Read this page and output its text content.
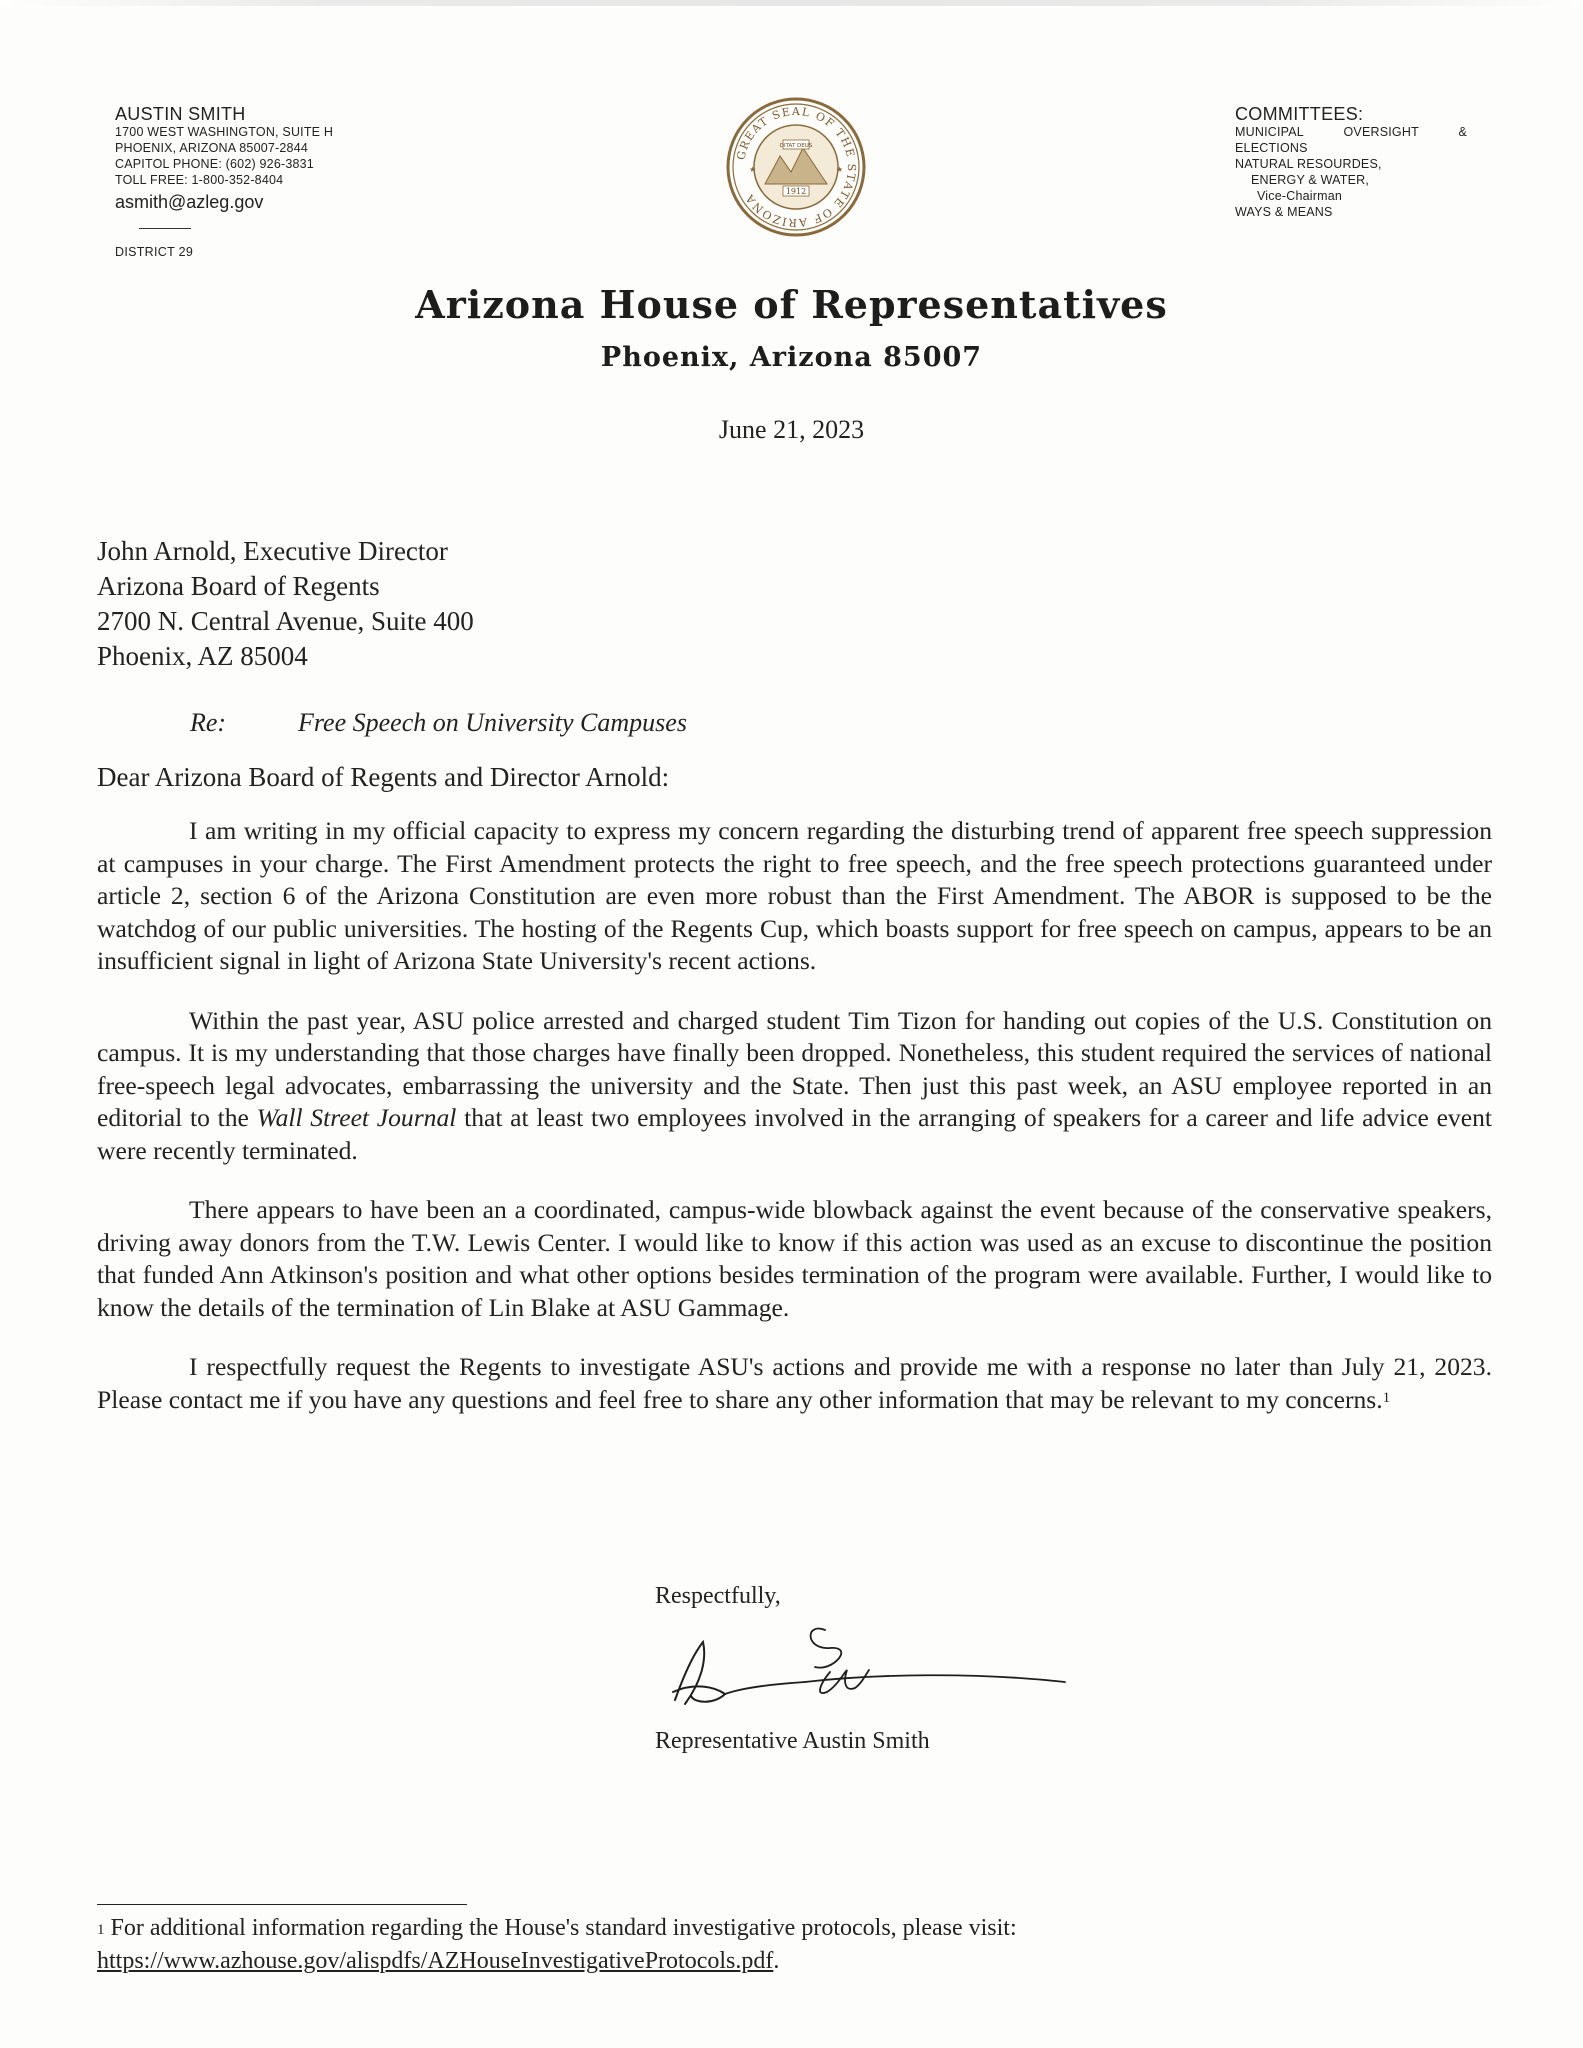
AUSTIN SMITH
1700 WEST WASHINGTON, SUITE H
PHOENIX, ARIZONA 85007-2844
CAPITOL PHONE: (602) 926-3831
TOLL FREE: 1-800-352-8404
asmith@azleg.gov
DISTRICT 29
GREAT SEAL OF THE STATE OF ARIZONA
DITAT DEUS
1912
★	★
COMMITTEES:
MUNICIPAL	OVERSIGHT	&
ELECTIONS
NATURAL RESOURDES,
ENERGY & WATER,
Vice-Chairman
WAYS & MEANS
Arizona House of Representatives
Phoenix, Arizona 85007
June 21, 2023
John Arnold, Executive Director
Arizona Board of Regents
2700 N. Central Avenue, Suite 400
Phoenix, AZ 85004
Re:	Free Speech on University Campuses
Dear Arizona Board of Regents and Director Arnold:

I am writing in my official capacity to express my concern regarding the disturbing trend of apparent free speech suppression at campuses in your charge. The First Amendment protects the right to free speech, and the free speech protections guaranteed under article 2, section 6 of the Arizona Constitution are even more robust than the First Amendment. The ABOR is supposed to be the watchdog of our public universities. The hosting of the Regents Cup, which boasts support for free speech on campus, appears to be an insufficient signal in light of Arizona State University's recent actions.

Within the past year, ASU police arrested and charged student Tim Tizon for handing out copies of the U.S. Constitution on campus. It is my understanding that those charges have finally been dropped. Nonetheless, this student required the services of national free-speech legal advocates, embarrassing the university and the State. Then just this past week, an ASU employee reported in an editorial to the Wall Street Journal that at least two employees involved in the arranging of speakers for a career and life advice event were recently terminated.

There appears to have been an a coordinated, campus-wide blowback against the event because of the conservative speakers, driving away donors from the T.W. Lewis Center. I would like to know if this action was used as an excuse to discontinue the position that funded Ann Atkinson's position and what other options besides termination of the program were available. Further, I would like to know the details of the termination of Lin Blake at ASU Gammage.

I respectfully request the Regents to investigate ASU's actions and provide me with a response no later than July 21, 2023. Please contact me if you have any questions and feel free to share any other information that may be relevant to my concerns.$^1$

Respectfully,
Representative Austin Smith
$^1$ For additional information regarding the House's standard investigative protocols, please visit:
https://www.azhouse.gov/alispdfs/AZHouseInvestigativeProtocols.pdf.
